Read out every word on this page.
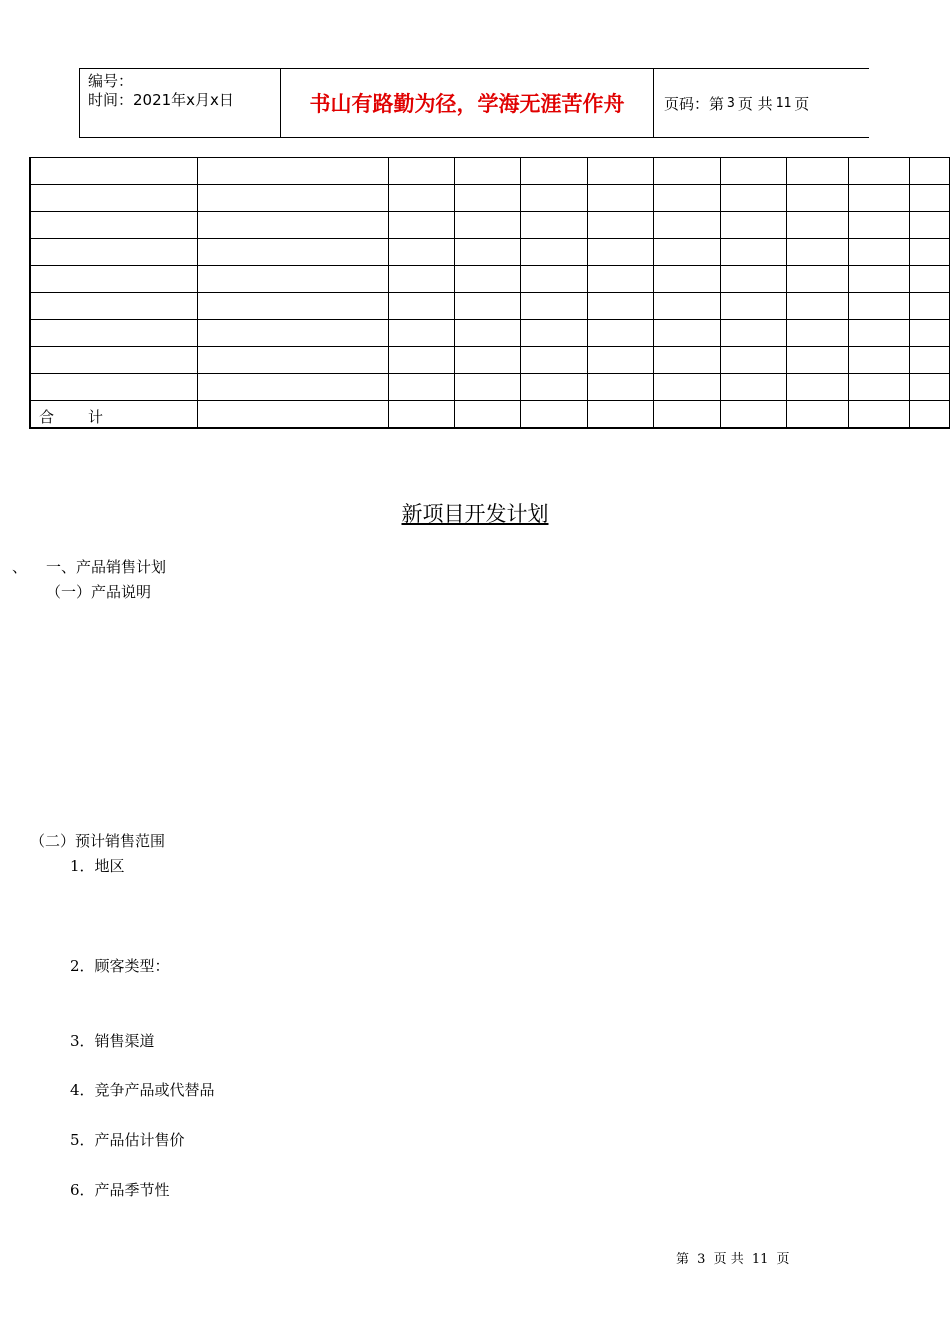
编号：
时间：2021年x月x日	书山有路勤为径，学海无涯苦作舟	页码：第 3 页 共 11 页

合 计										
新项目开发计划
、 一、产品销售计划
（一）产品说明
（二）预计销售范围
1．地区
2．顾客类型：
3．销售渠道
4．竞争产品或代替品
5．产品估计售价
6．产品季节性
第 3 页 共 11 页
